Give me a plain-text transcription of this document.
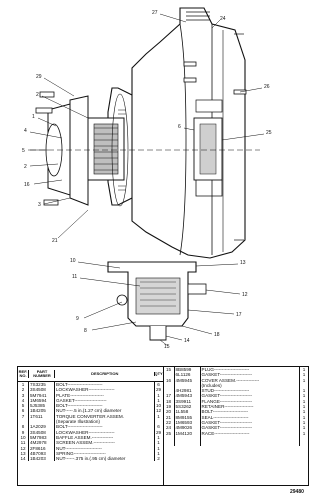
27
24
29
2
1
4
5
2
16
3
21
26
25
6
10
11
9
8
13
12
17
18
14
15
REF. NO.
PART NUMBER	DESCRIPTION	QTY
1	7S3235	BOLT-----------------------	6
2	3S4508	LOCKWASHER-----------------	29
3	5M7941	PLATE----------------------	1
4	1M6594	GASKET---------------------	1
5	5J5385	BOLT-----------------------	10
6	1B4205	NUT-----.5 in.(1.27 cm) diameter	12
7	1T611	TORQUE CONVERTER ASSEM.	1
(Separate Illustration)
8	1A2029	BOLT-----------------------	6
9	3S4508	LOCKWASHER-----------------	29
10 5M7983	BAFFLE ASSEM.--------------	1
11	4M2978	SCREEN ASSEM.--------------	1
12 2F8616	NUT------------------------	1
13 4B7093	SPRING---------------------	1
14 1B4203	NUT------.375 in.(.95 cm) diameter	2
15 8B8599	PLUG-----------------------	1
6L1126	GASKET---------------------	1
16 4M5945	COVER ASSEM.---------------	1
(Includes)
4H2981	STUD-----------------------	1
17 4M5943	GASKET---------------------	1
18 3S9911	FLANGE---------------------	1
19 5S3262	RETAINER-------------------	1
20 1L558	BOLT-----------------------	1
21 8M9155	SEAL-----------------------	1
22 1M6593	GASKET---------------------	1
24 4M9026	GASKET---------------------	1
25 1M4120	RACE-----------------------	1
29480
